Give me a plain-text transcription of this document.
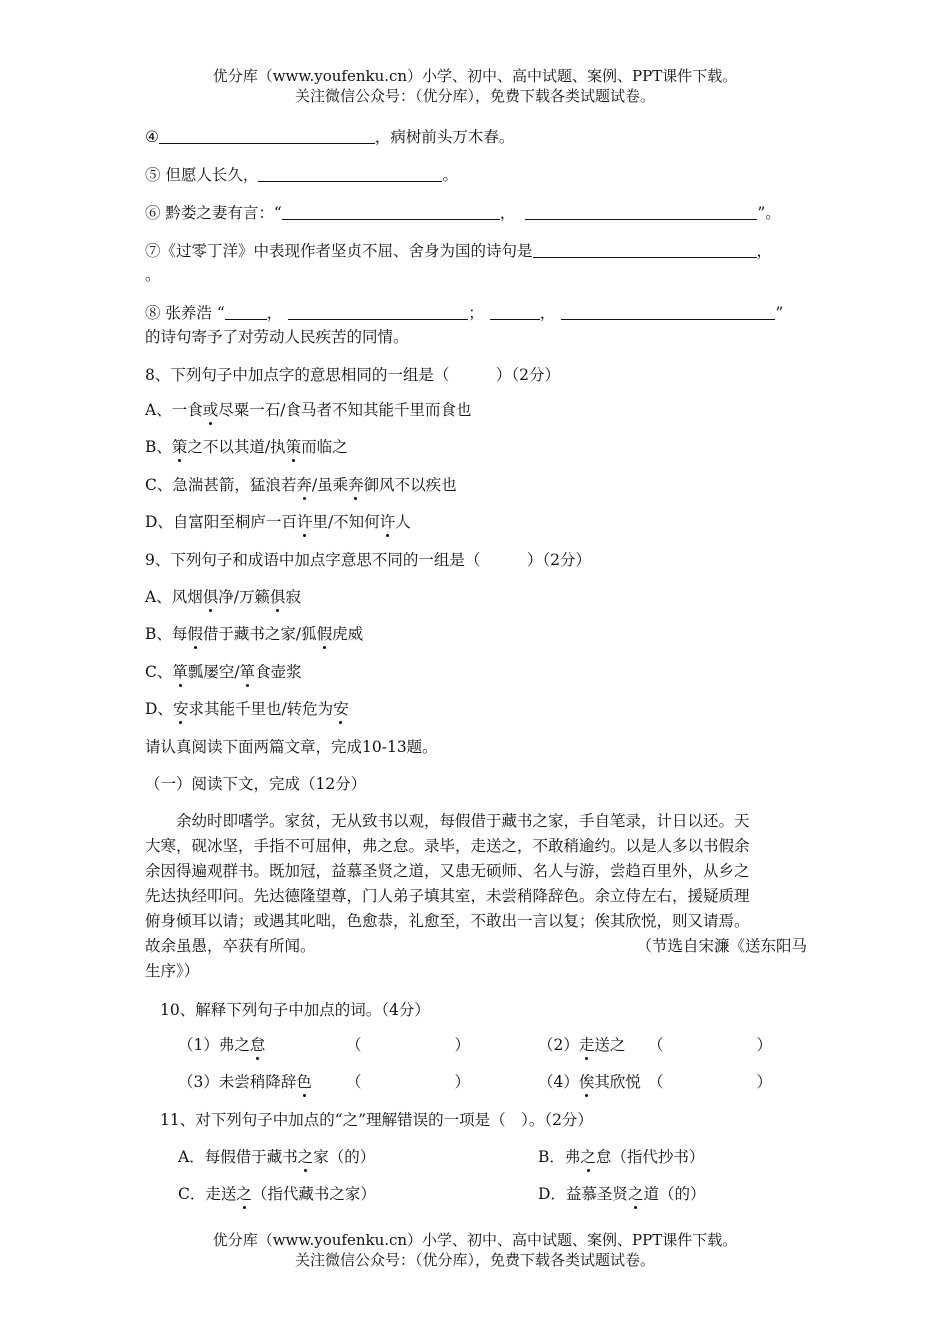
优分库（www.youfenku.cn）小学、初中、高中试题、案例、PPT课件下载。
关注微信公众号：（优分库），免费下载各类试题试卷。
④	，病树前头万木春。
⑤ 但愿人长久，	。
⑥ 黔娄之妻有言：“	，	”。
⑦《过零丁洋》中表现作者坚贞不屈、舍身为国的诗句是	，
。
⑧ 张养浩 “	，	；	，	”
的诗句寄予了对劳动人民疾苦的同情。
8、下列句子中加点字的意思相同的一组是（　　　）（2分）
A、一食或尽粟一石/食马者不知其能千里而食也
B、策之不以其道/执策而临之
C、急湍甚箭，猛浪若奔/虽乘奔御风不以疾也
D、自富阳至桐庐一百许里/不知何许人
9、下列句子和成语中加点字意思不同的一组是（　　　）（2分）
A、风烟俱净/万籁俱寂
B、每假借于藏书之家/狐假虎威
C、箪瓢屡空/箪食壶浆
D、安求其能千里也/转危为安
请认真阅读下面两篇文章，完成10-13题。
（一）阅读下文，完成（12分）
　　余幼时即嗜学。家贫，无从致书以观，每假借于藏书之家，手自笔录，计日以还。天
大寒，砚冰坚，手指不可屈伸，弗之怠。录毕，走送之，不敢稍逾约。以是人多以书假余
余因得遍观群书。既加冠，益慕圣贤之道，又患无硕师、名人与游，尝趋百里外，从乡之
先达执经叩问。先达德隆望尊，门人弟子填其室，未尝稍降辞色。余立侍左右，援疑质理
俯身倾耳以请；或遇其叱咄，色愈恭，礼愈至，不敢出一言以复；俟其欣悦，则又请焉。
故余虽愚，卒获有所闻。	（节选自宋濂《送东阳马
生序》）
10、解释下列句子中加点的词。（4分）
（1）弗之怠	（　　　　　　）	（2）走送之 （　　　　　　）
（3）未尝稍降辞色 （　　　　　　）	（4）俟其欣悦 （　　　　　　）
11、对下列句子中加点的“之”理解错误的一项是（　）。（2分）
A．每假借于藏书之家（的）	B．弗之怠（指代抄书）
C．走送之（指代藏书之家）	D．益慕圣贤之道（的）
优分库（www.youfenku.cn）小学、初中、高中试题、案例、PPT课件下载。
关注微信公众号：（优分库），免费下载各类试题试卷。
